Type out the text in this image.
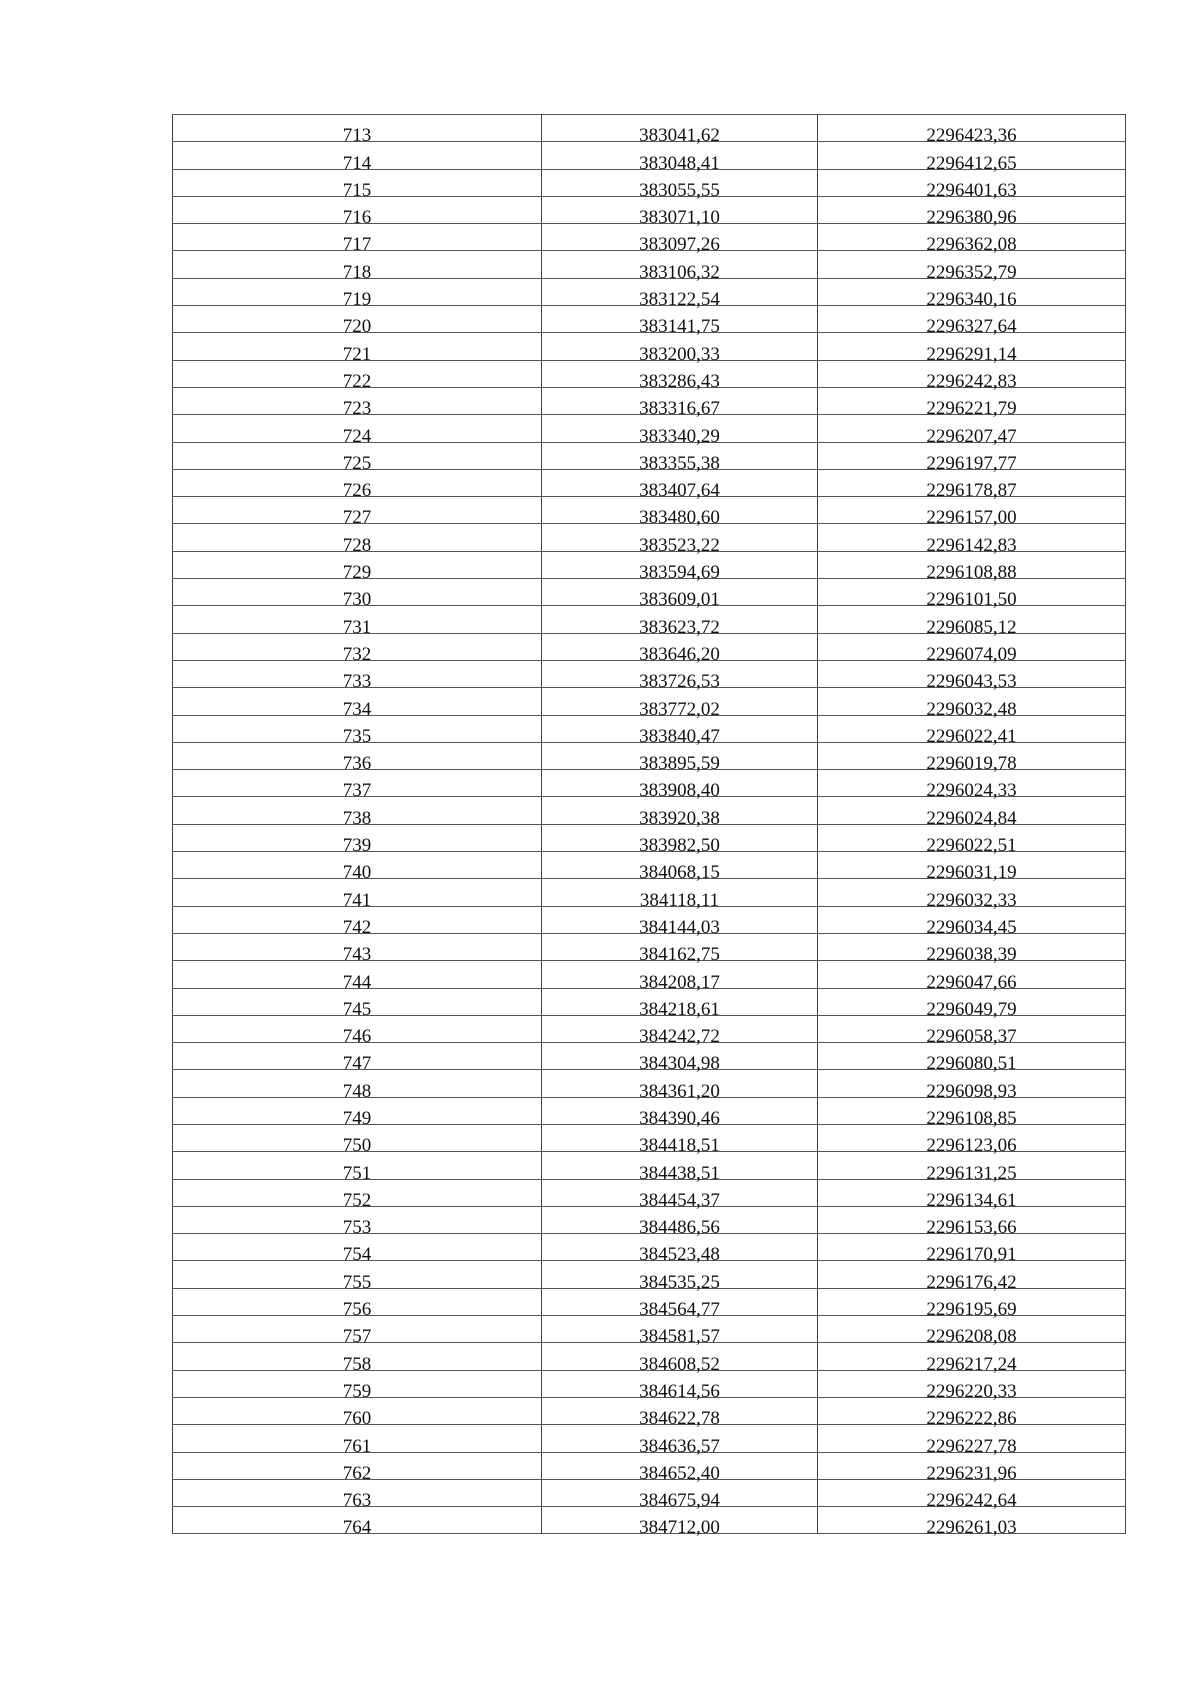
713	383041,62	2296423,36
714	383048,41	2296412,65
715	383055,55	2296401,63
716	383071,10	2296380,96
717	383097,26	2296362,08
718	383106,32	2296352,79
719	383122,54	2296340,16
720	383141,75	2296327,64
721	383200,33	2296291,14
722	383286,43	2296242,83
723	383316,67	2296221,79
724	383340,29	2296207,47
725	383355,38	2296197,77
726	383407,64	2296178,87
727	383480,60	2296157,00
728	383523,22	2296142,83
729	383594,69	2296108,88
730	383609,01	2296101,50
731	383623,72	2296085,12
732	383646,20	2296074,09
733	383726,53	2296043,53
734	383772,02	2296032,48
735	383840,47	2296022,41
736	383895,59	2296019,78
737	383908,40	2296024,33
738	383920,38	2296024,84
739	383982,50	2296022,51
740	384068,15	2296031,19
741	384118,11	2296032,33
742	384144,03	2296034,45
743	384162,75	2296038,39
744	384208,17	2296047,66
745	384218,61	2296049,79
746	384242,72	2296058,37
747	384304,98	2296080,51
748	384361,20	2296098,93
749	384390,46	2296108,85
750	384418,51	2296123,06
751	384438,51	2296131,25
752	384454,37	2296134,61
753	384486,56	2296153,66
754	384523,48	2296170,91
755	384535,25	2296176,42
756	384564,77	2296195,69
757	384581,57	2296208,08
758	384608,52	2296217,24
759	384614,56	2296220,33
760	384622,78	2296222,86
761	384636,57	2296227,78
762	384652,40	2296231,96
763	384675,94	2296242,64
764	384712,00	2296261,03
